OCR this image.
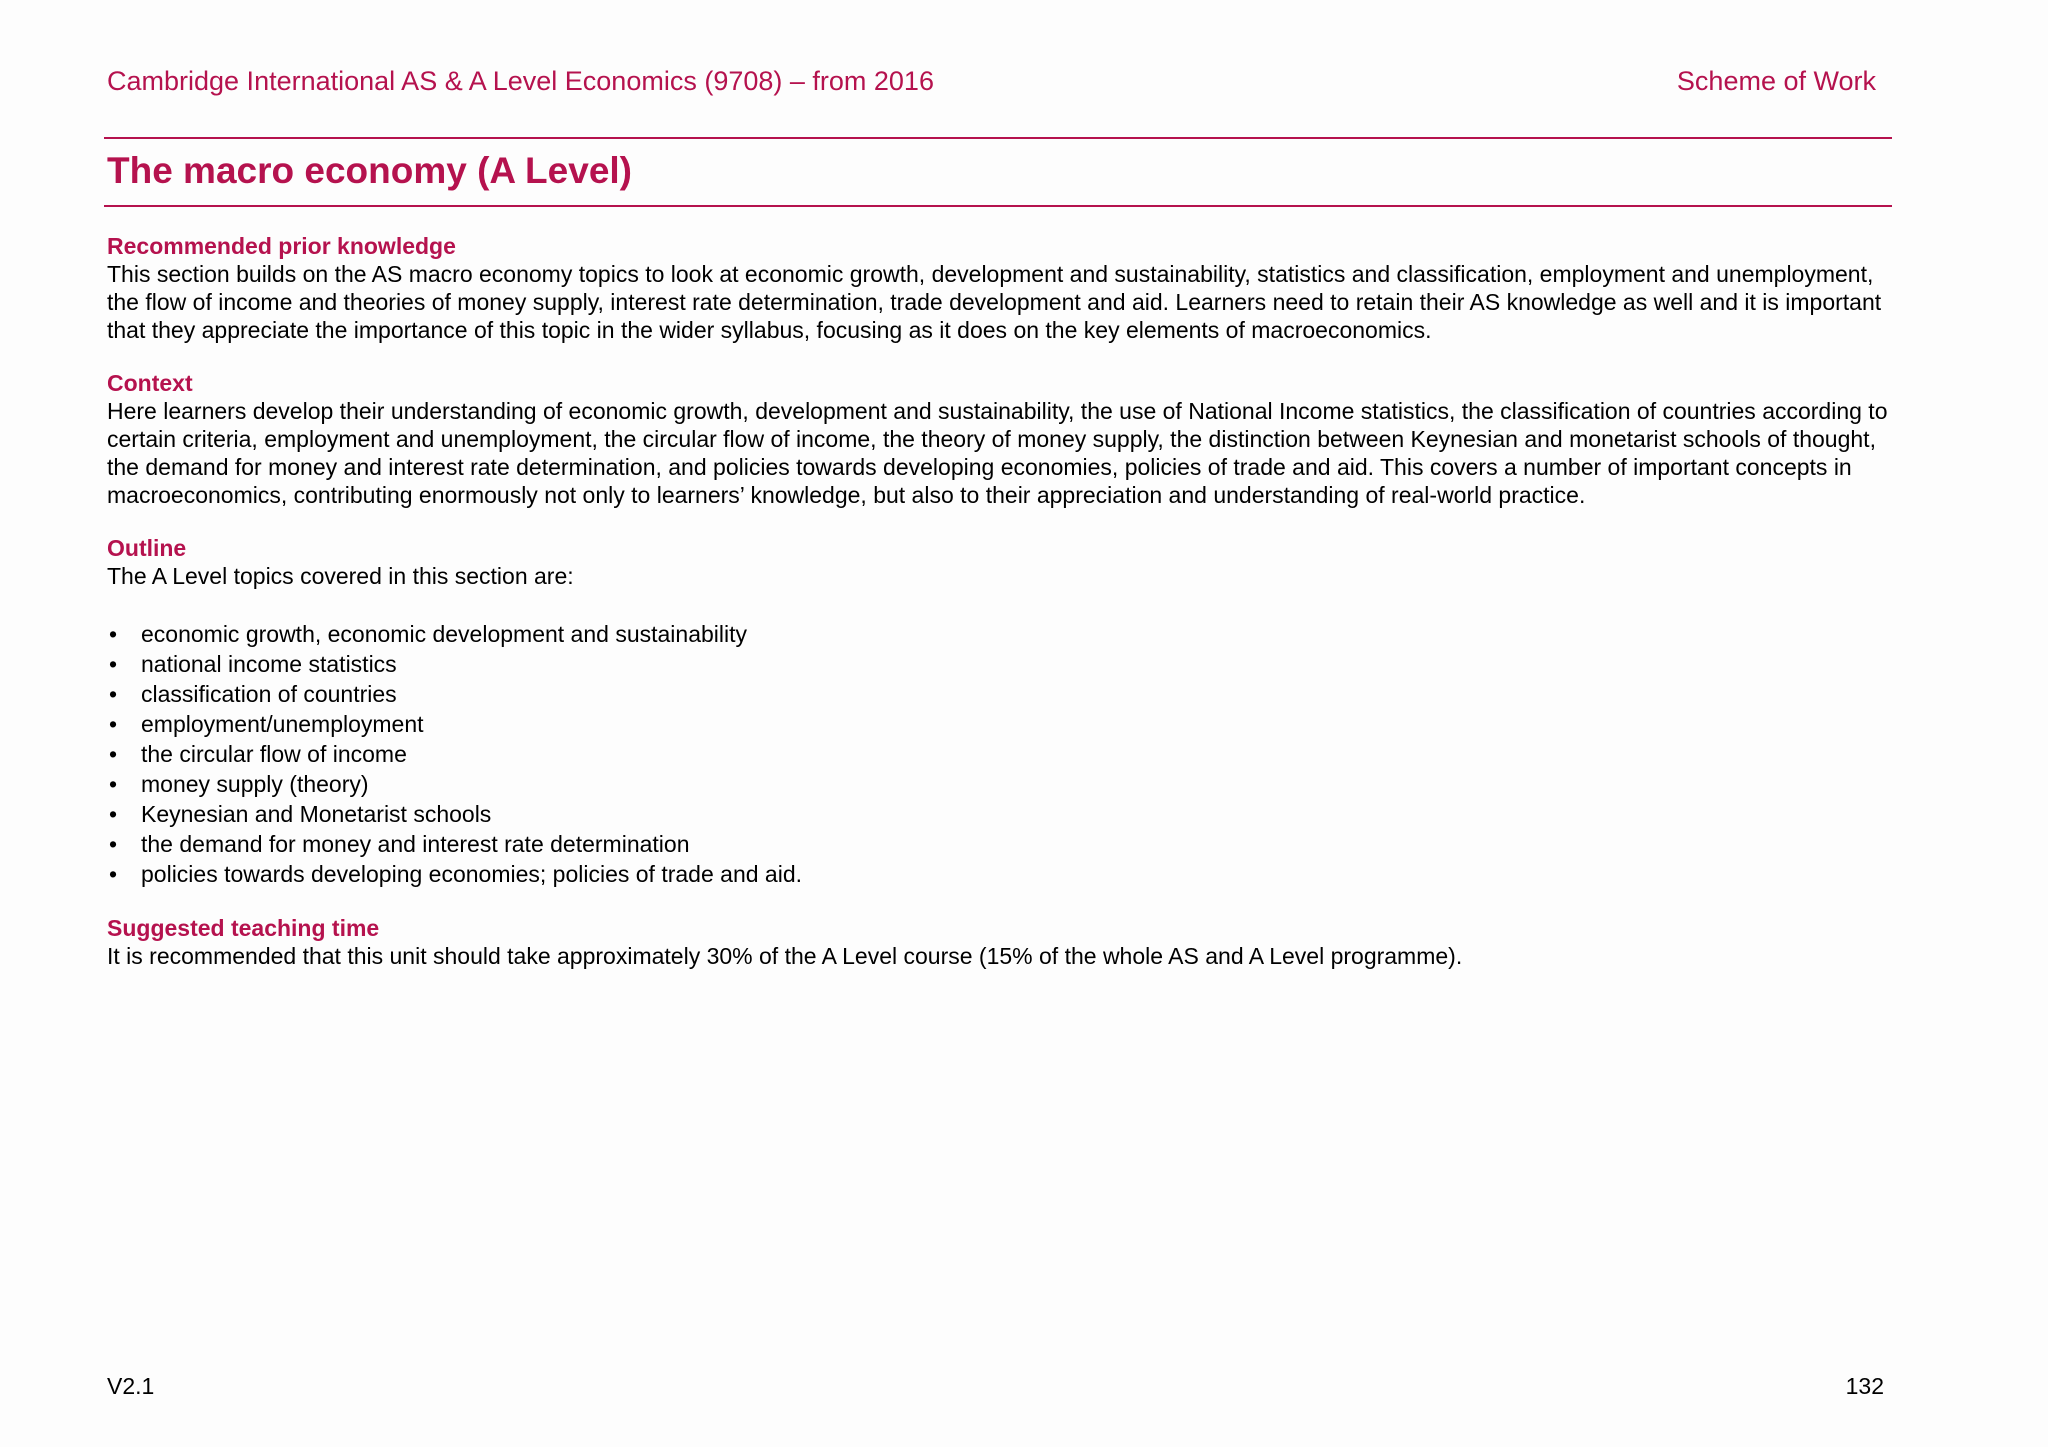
Cambridge International AS & A Level Economics (9708) – from 2016	Scheme of Work
The macro economy (A Level)
Recommended prior knowledge

This section builds on the AS macro economy topics to look at economic growth, development and sustainability, statistics and classification, employment and unemployment, the flow of income and theories of money supply, interest rate determination, trade development and aid. Learners need to retain their AS knowledge as well and it is important that they appreciate the importance of this topic in the wider syllabus, focusing as it does on the key elements of macroeconomics.

Context

Here learners develop their understanding of economic growth, development and sustainability, the use of National Income statistics, the classification of countries according to certain criteria, employment and unemployment, the circular flow of income, the theory of money supply, the distinction between Keynesian and monetarist schools of thought, the demand for money and interest rate determination, and policies towards developing economies, policies of trade and aid. This covers a number of important concepts in macroeconomics, contributing enormously not only to learners’ knowledge, but also to their appreciation and understanding of real-world practice.

Outline

The A Level topics covered in this section are:

• economic growth, economic development and sustainability
• national income statistics
• classification of countries
• employment/unemployment
• the circular flow of income
• money supply (theory)
• Keynesian and Monetarist schools
• the demand for money and interest rate determination
• policies towards developing economies; policies of trade and aid.
Suggested teaching time

It is recommended that this unit should take approximately 30% of the A Level course (15% of the whole AS and A Level programme).

V2.1	132
